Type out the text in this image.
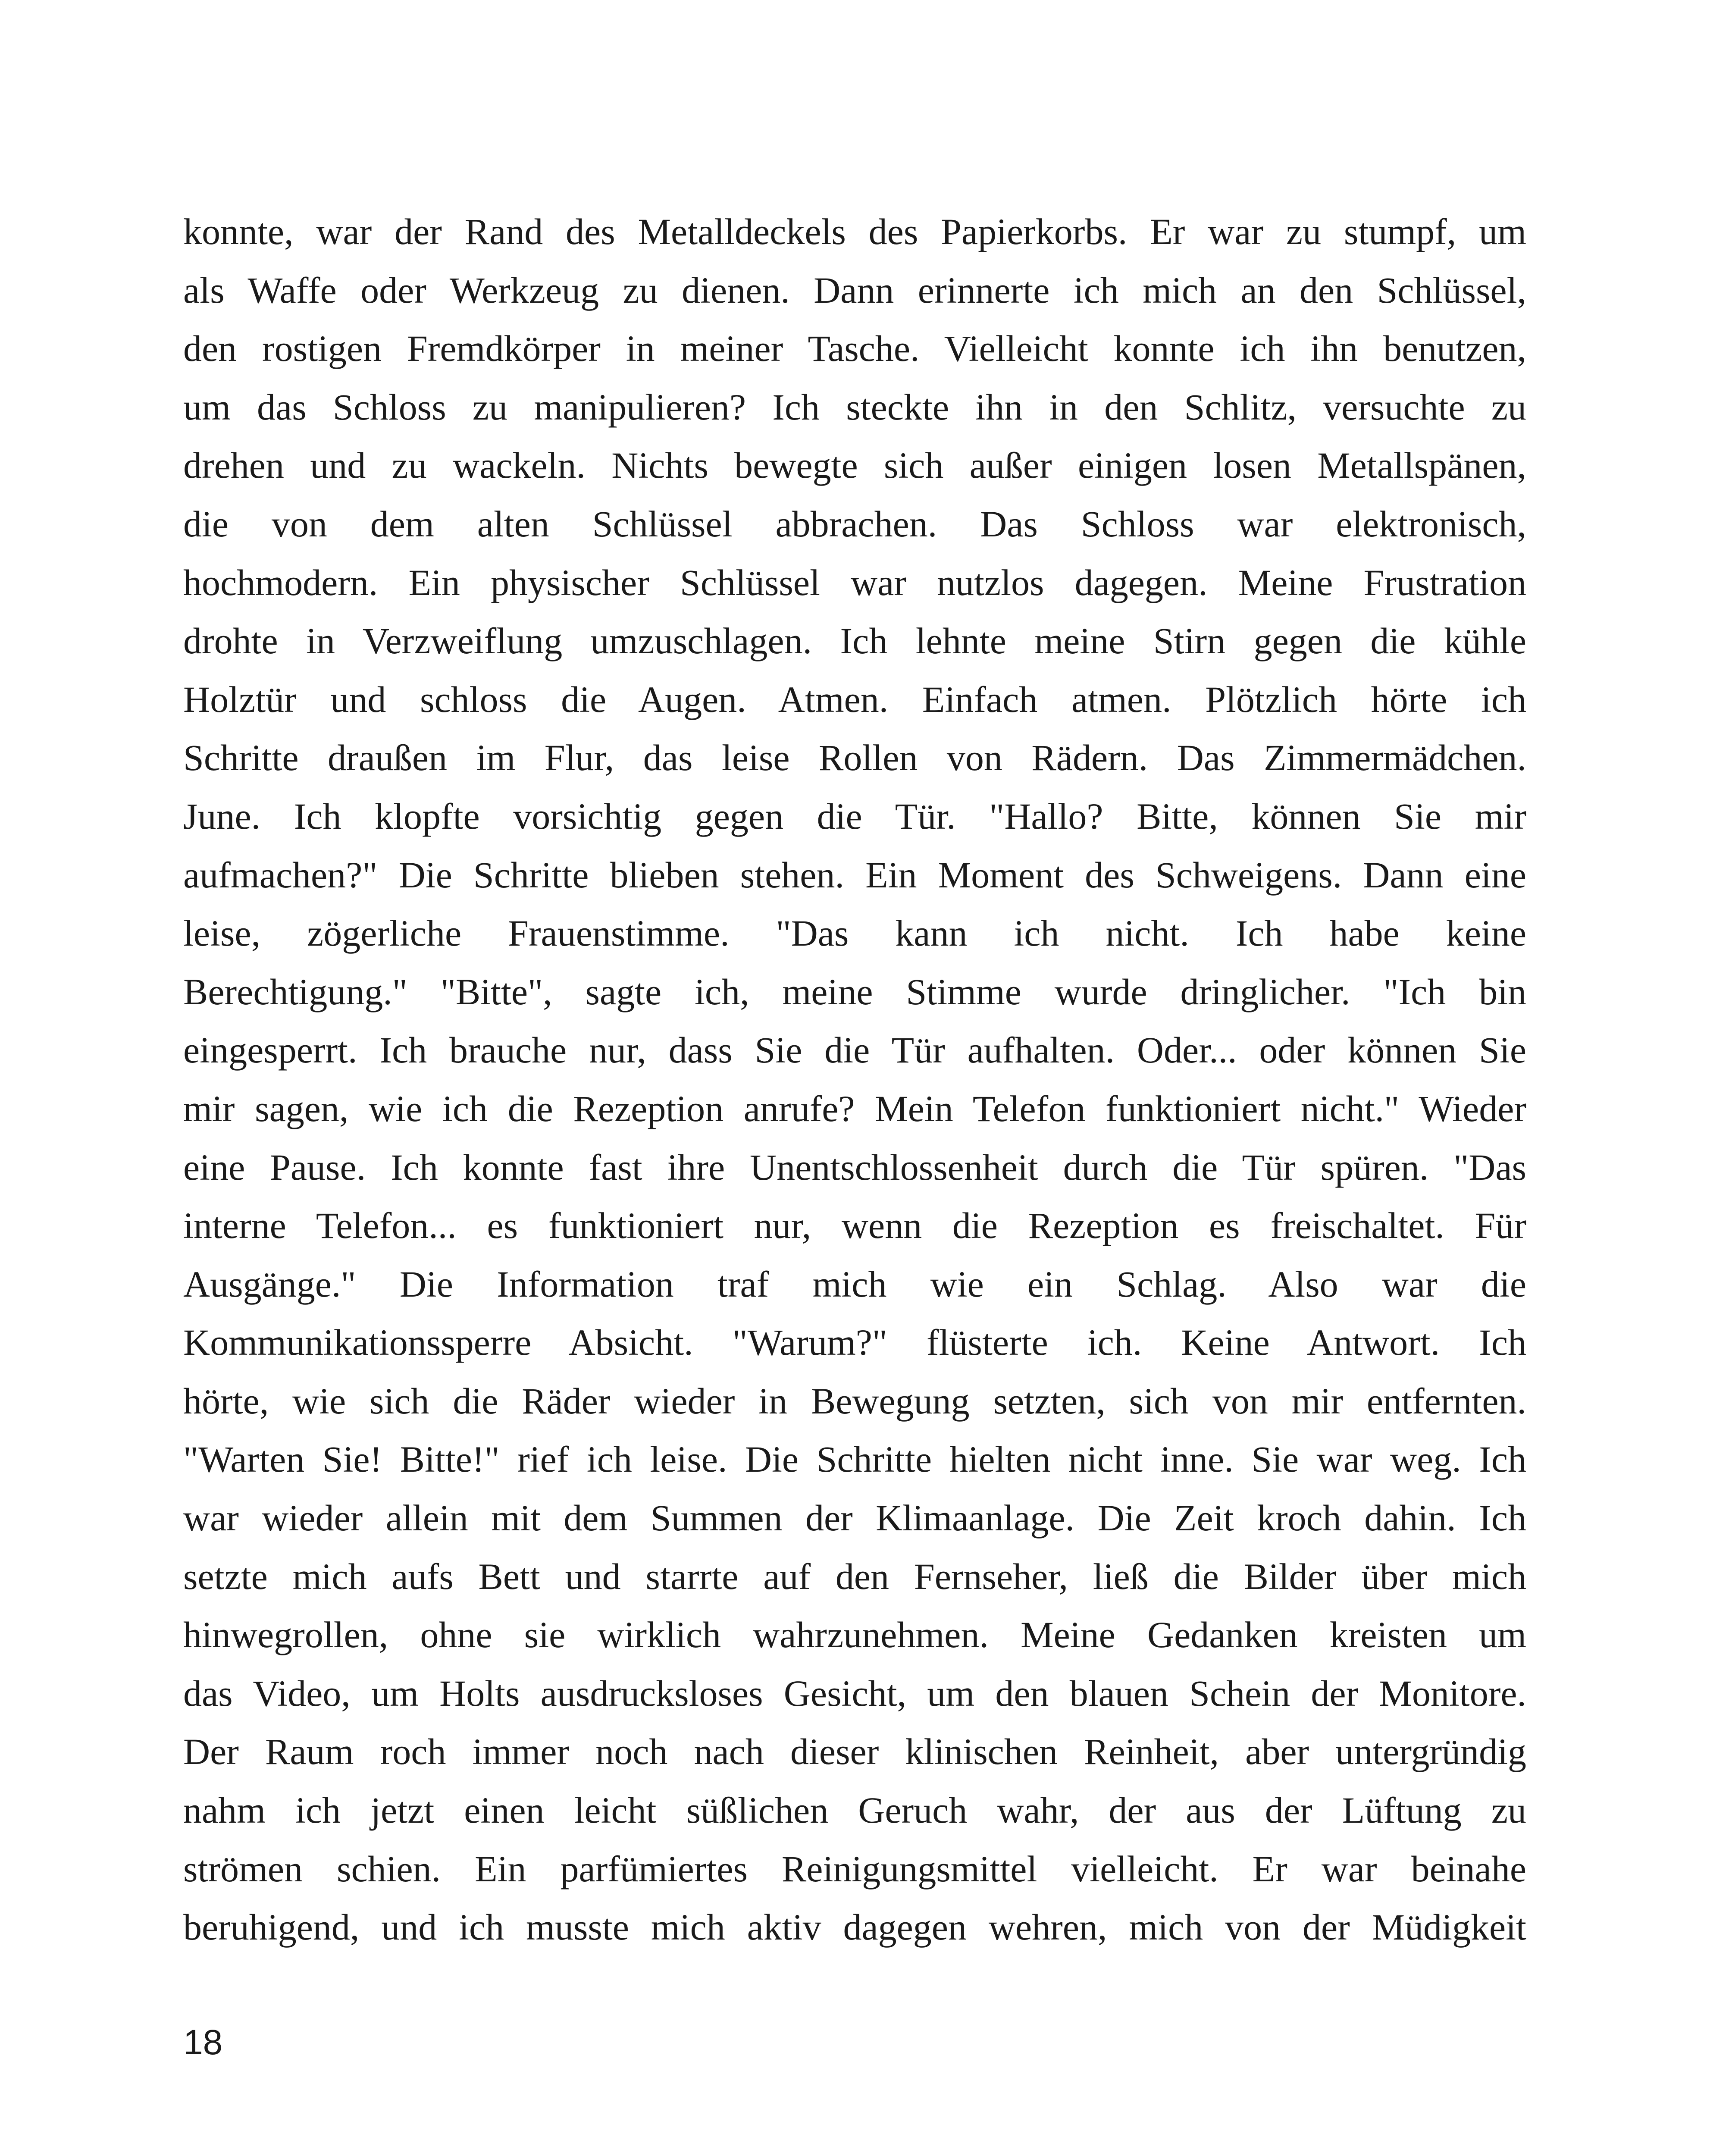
konnte, war der Rand des Metalldeckels des Papierkorbs. Er war zu stumpf, um
als Waffe oder Werkzeug zu dienen. Dann erinnerte ich mich an den Schlüssel,
den rostigen Fremdkörper in meiner Tasche. Vielleicht konnte ich ihn benutzen,
um das Schloss zu manipulieren? Ich steckte ihn in den Schlitz, versuchte zu
drehen und zu wackeln. Nichts bewegte sich außer einigen losen Metallspänen,
die von dem alten Schlüssel abbrachen. Das Schloss war elektronisch,
hochmodern. Ein physischer Schlüssel war nutzlos dagegen. Meine Frustration
drohte in Verzweiflung umzuschlagen. Ich lehnte meine Stirn gegen die kühle
Holztür und schloss die Augen. Atmen. Einfach atmen. Plötzlich hörte ich
Schritte draußen im Flur, das leise Rollen von Rädern. Das Zimmermädchen.
June. Ich klopfte vorsichtig gegen die Tür. "Hallo? Bitte, können Sie mir
aufmachen?" Die Schritte blieben stehen. Ein Moment des Schweigens. Dann eine
leise, zögerliche Frauenstimme. "Das kann ich nicht. Ich habe keine
Berechtigung." "Bitte", sagte ich, meine Stimme wurde dringlicher. "Ich bin
eingesperrt. Ich brauche nur, dass Sie die Tür aufhalten. Oder... oder können Sie
mir sagen, wie ich die Rezeption anrufe? Mein Telefon funktioniert nicht." Wieder
eine Pause. Ich konnte fast ihre Unentschlossenheit durch die Tür spüren. "Das
interne Telefon... es funktioniert nur, wenn die Rezeption es freischaltet. Für
Ausgänge." Die Information traf mich wie ein Schlag. Also war die
Kommunikationssperre Absicht. "Warum?" flüsterte ich. Keine Antwort. Ich
hörte, wie sich die Räder wieder in Bewegung setzten, sich von mir entfernten.
"Warten Sie! Bitte!" rief ich leise. Die Schritte hielten nicht inne. Sie war weg. Ich
war wieder allein mit dem Summen der Klimaanlage. Die Zeit kroch dahin. Ich
setzte mich aufs Bett und starrte auf den Fernseher, ließ die Bilder über mich
hinwegrollen, ohne sie wirklich wahrzunehmen. Meine Gedanken kreisten um
das Video, um Holts ausdrucksloses Gesicht, um den blauen Schein der Monitore.
Der Raum roch immer noch nach dieser klinischen Reinheit, aber untergründig
nahm ich jetzt einen leicht süßlichen Geruch wahr, der aus der Lüftung zu
strömen schien. Ein parfümiertes Reinigungsmittel vielleicht. Er war beinahe
beruhigend, und ich musste mich aktiv dagegen wehren, mich von der Müdigkeit
18
